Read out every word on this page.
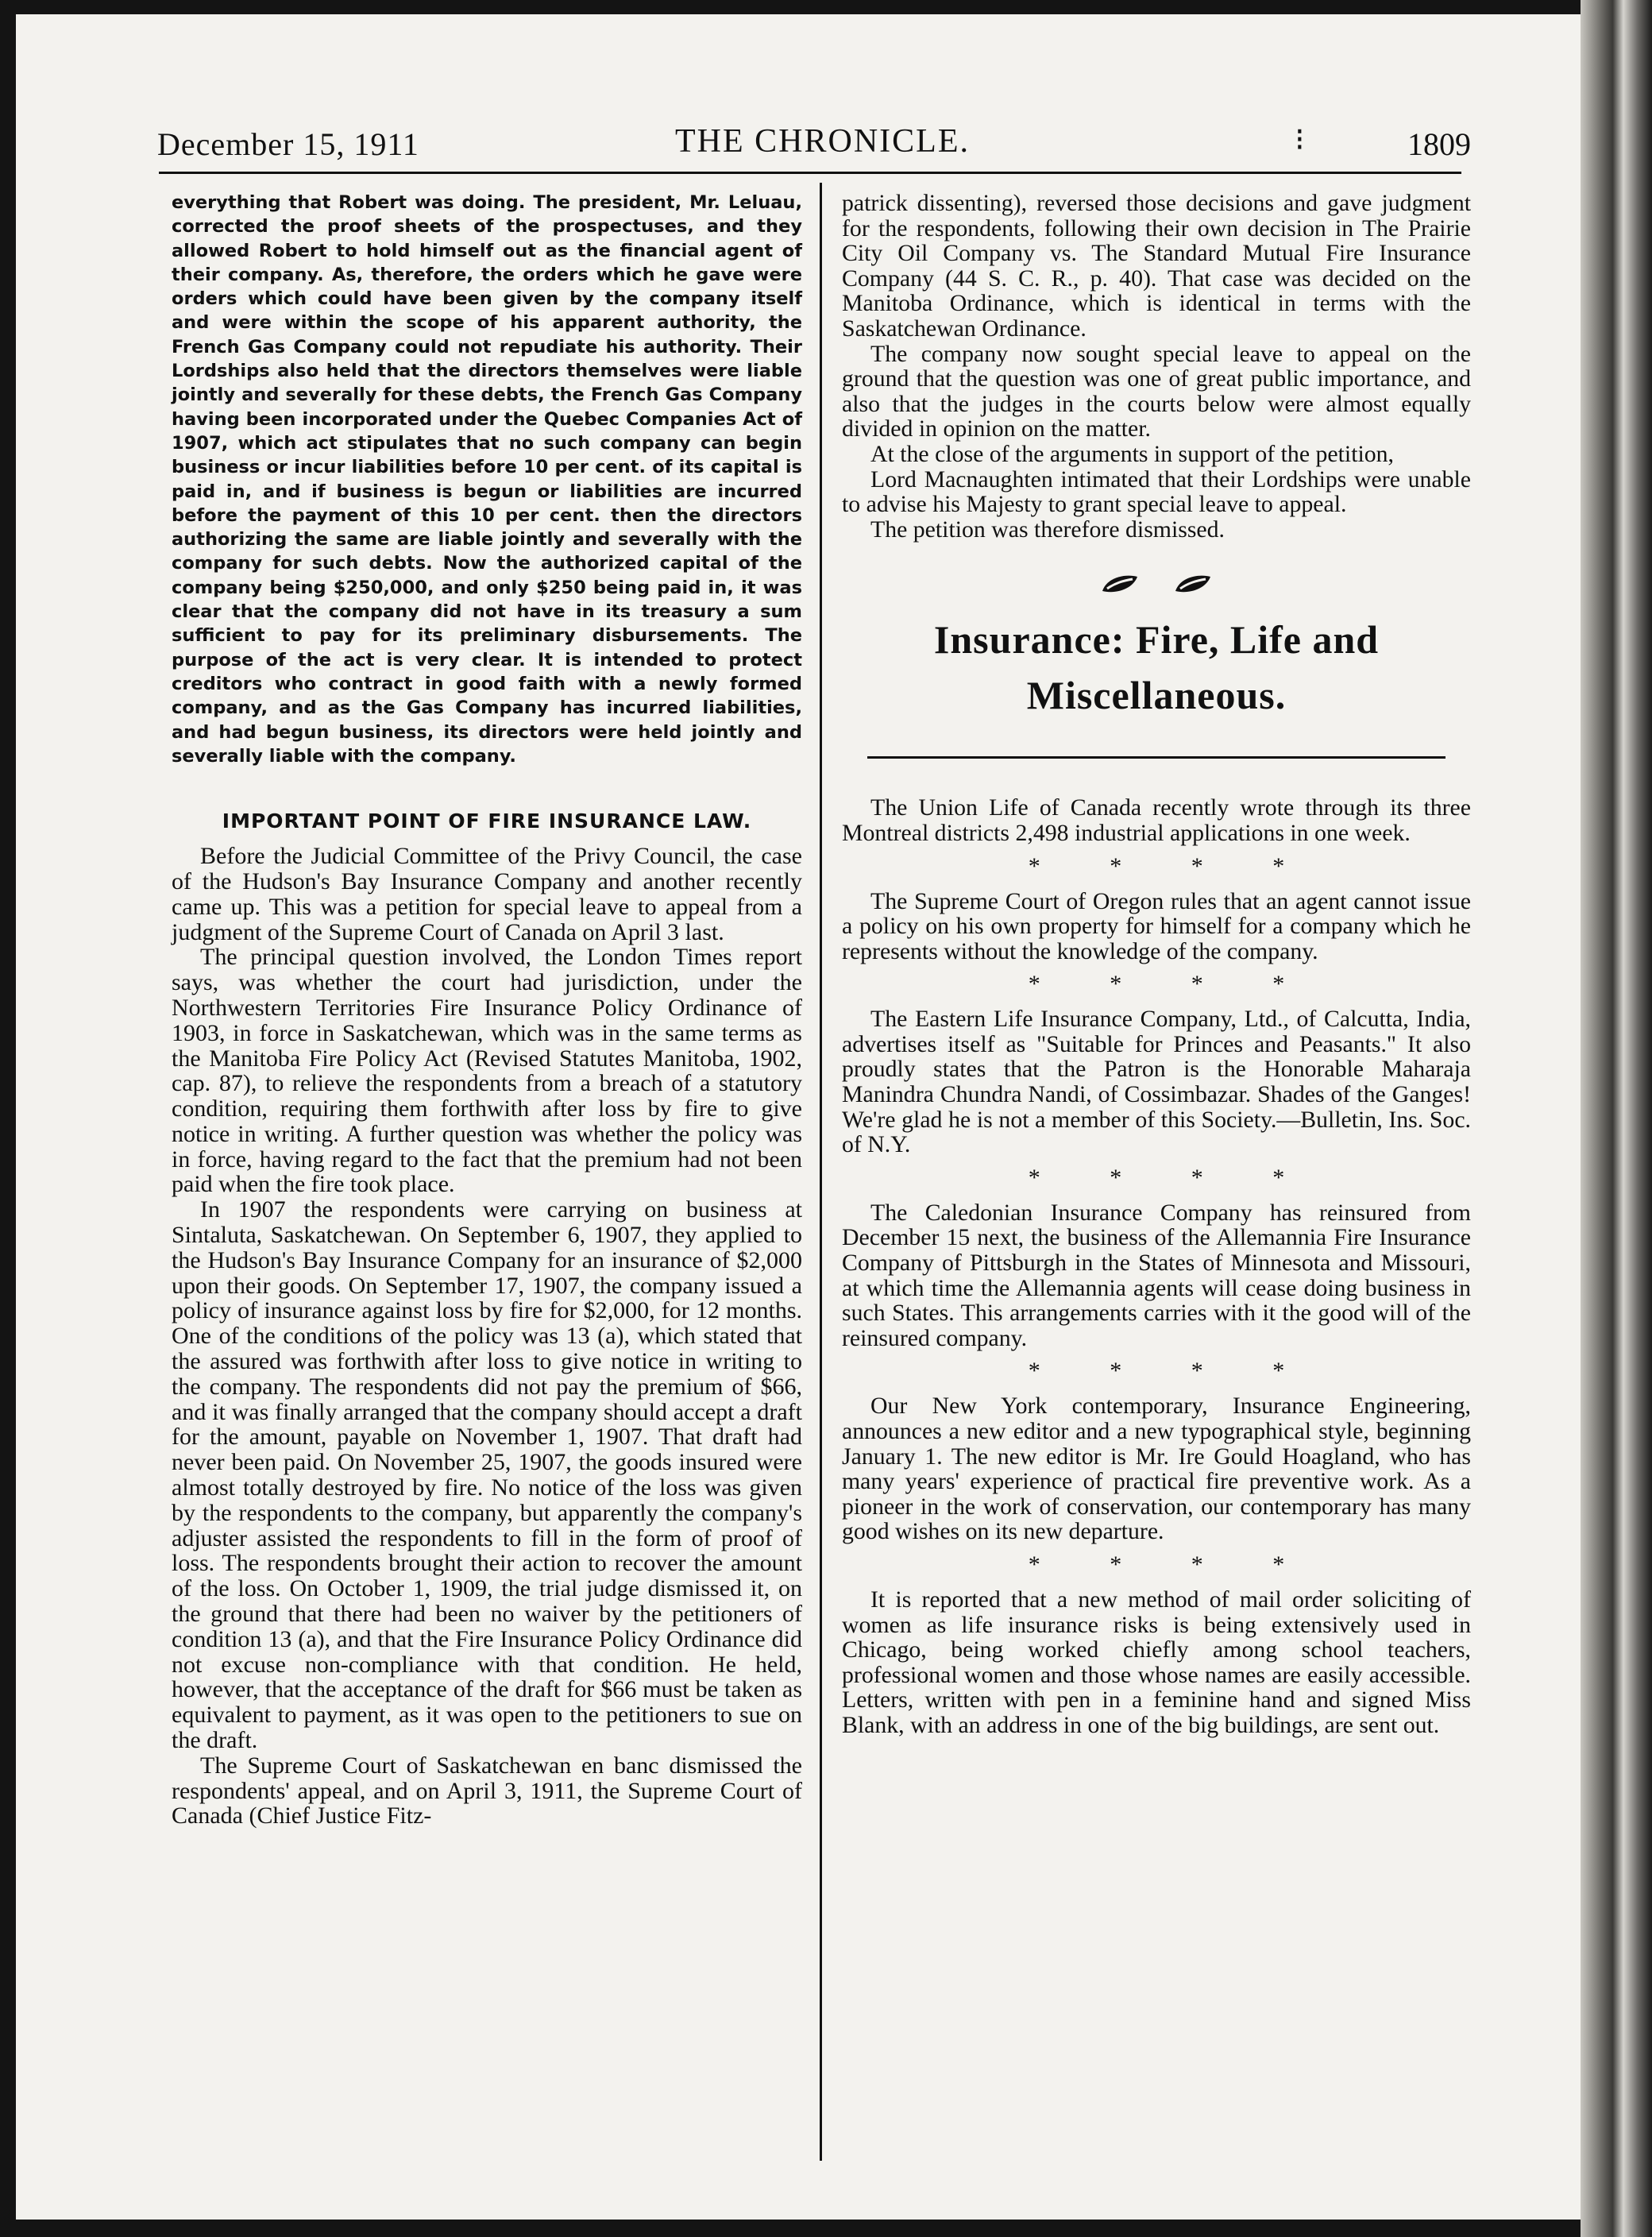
December 15, 1911	THE CHRONICLE.	⁝	1809

everything that Robert was doing. The president, Mr. Leluau, corrected the proof sheets of the prospectuses, and they allowed Robert to hold himself out as the financial agent of their company. As, therefore, the orders which he gave were orders which could have been given by the company itself and were within the scope of his apparent authority, the French Gas Company could not repudiate his authority. Their Lordships also held that the directors themselves were liable jointly and severally for these debts, the French Gas Company having been incorporated under the Quebec Companies Act of 1907, which act stipulates that no such company can begin business or incur liabilities before 10 per cent. of its capital is paid in, and if business is begun or liabilities are incurred before the payment of this 10 per cent. then the directors authorizing the same are liable jointly and severally with the company for such debts. Now the authorized capital of the company being $250,000, and only $250 being paid in, it was clear that the company did not have in its treasury a sum sufficient to pay for its preliminary disbursements. The purpose of the act is very clear. It is intended to protect creditors who contract in good faith with a newly formed company, and as the Gas Company has incurred liabilities, and had begun business, its directors were held jointly and severally liable with the company.

IMPORTANT POINT OF FIRE INSURANCE LAW.

Before the Judicial Committee of the Privy Council, the case of the Hudson's Bay Insurance Company and another recently came up. This was a petition for special leave to appeal from a judgment of the Supreme Court of Canada on April 3 last.

The principal question involved, the London Times report says, was whether the court had jurisdiction, under the Northwestern Territories Fire Insurance Policy Ordinance of 1903, in force in Saskatchewan, which was in the same terms as the Manitoba Fire Policy Act (Revised Statutes Manitoba, 1902, cap. 87), to relieve the respondents from a breach of a statutory condition, requiring them forthwith after loss by fire to give notice in writing. A further question was whether the policy was in force, having regard to the fact that the premium had not been paid when the fire took place.

In 1907 the respondents were carrying on business at Sintaluta, Saskatchewan. On September 6, 1907, they applied to the Hudson's Bay Insurance Company for an insurance of $2,000 upon their goods. On September 17, 1907, the company issued a policy of insurance against loss by fire for $2,000, for 12 months. One of the conditions of the policy was 13 (a), which stated that the assured was forthwith after loss to give notice in writing to the company. The respondents did not pay the premium of $66, and it was finally arranged that the company should accept a draft for the amount, payable on November 1, 1907. That draft had never been paid. On November 25, 1907, the goods insured were almost totally destroyed by fire. No notice of the loss was given by the respondents to the company, but apparently the company's adjuster assisted the respondents to fill in the form of proof of loss. The respondents brought their action to recover the amount of the loss. On October 1, 1909, the trial judge dismissed it, on the ground that there had been no waiver by the petitioners of condition 13 (a), and that the Fire Insurance Policy Ordinance did not excuse non-compliance with that condition. He held, however, that the acceptance of the draft for $66 must be taken as equivalent to payment, as it was open to the petitioners to sue on the draft.

The Supreme Court of Saskatchewan en banc dismissed the respondents' appeal, and on April 3, 1911, the Supreme Court of Canada (Chief Justice Fitz-

patrick dissenting), reversed those decisions and gave judgment for the respondents, following their own decision in The Prairie City Oil Company vs. The Standard Mutual Fire Insurance Company (44 S. C. R., p. 40). That case was decided on the Manitoba Ordinance, which is identical in terms with the Saskatchewan Ordinance.

The company now sought special leave to appeal on the ground that the question was one of great public importance, and also that the judges in the courts below were almost equally divided in opinion on the matter.

At the close of the arguments in support of the petition,

Lord Macnaughten intimated that their Lordships were unable to advise his Majesty to grant special leave to appeal.

The petition was therefore dismissed.

Insurance: Fire, Life and
Miscellaneous.

The Union Life of Canada recently wrote through its three Montreal districts 2,498 industrial applications in one week.

* * * *

The Supreme Court of Oregon rules that an agent cannot issue a policy on his own property for himself for a company which he represents without the knowledge of the company.

* * * *

The Eastern Life Insurance Company, Ltd., of Calcutta, India, advertises itself as "Suitable for Princes and Peasants." It also proudly states that the Patron is the Honorable Maharaja Manindra Chundra Nandi, of Cossimbazar. Shades of the Ganges! We're glad he is not a member of this Society.—Bulletin, Ins. Soc. of N.Y.

* * * *

The Caledonian Insurance Company has reinsured from December 15 next, the business of the Allemannia Fire Insurance Company of Pittsburgh in the States of Minnesota and Missouri, at which time the Allemannia agents will cease doing business in such States. This arrangements carries with it the good will of the reinsured company.

* * * *

Our New York contemporary, Insurance Engineering, announces a new editor and a new typographical style, beginning January 1. The new editor is Mr. Ire Gould Hoagland, who has many years' experience of practical fire preventive work. As a pioneer in the work of conservation, our contemporary has many good wishes on its new departure.

* * * *

It is reported that a new method of mail order soliciting of women as life insurance risks is being extensively used in Chicago, being worked chiefly among school teachers, professional women and those whose names are easily accessible. Letters, written with pen in a feminine hand and signed Miss Blank, with an address in one of the big buildings, are sent out.
